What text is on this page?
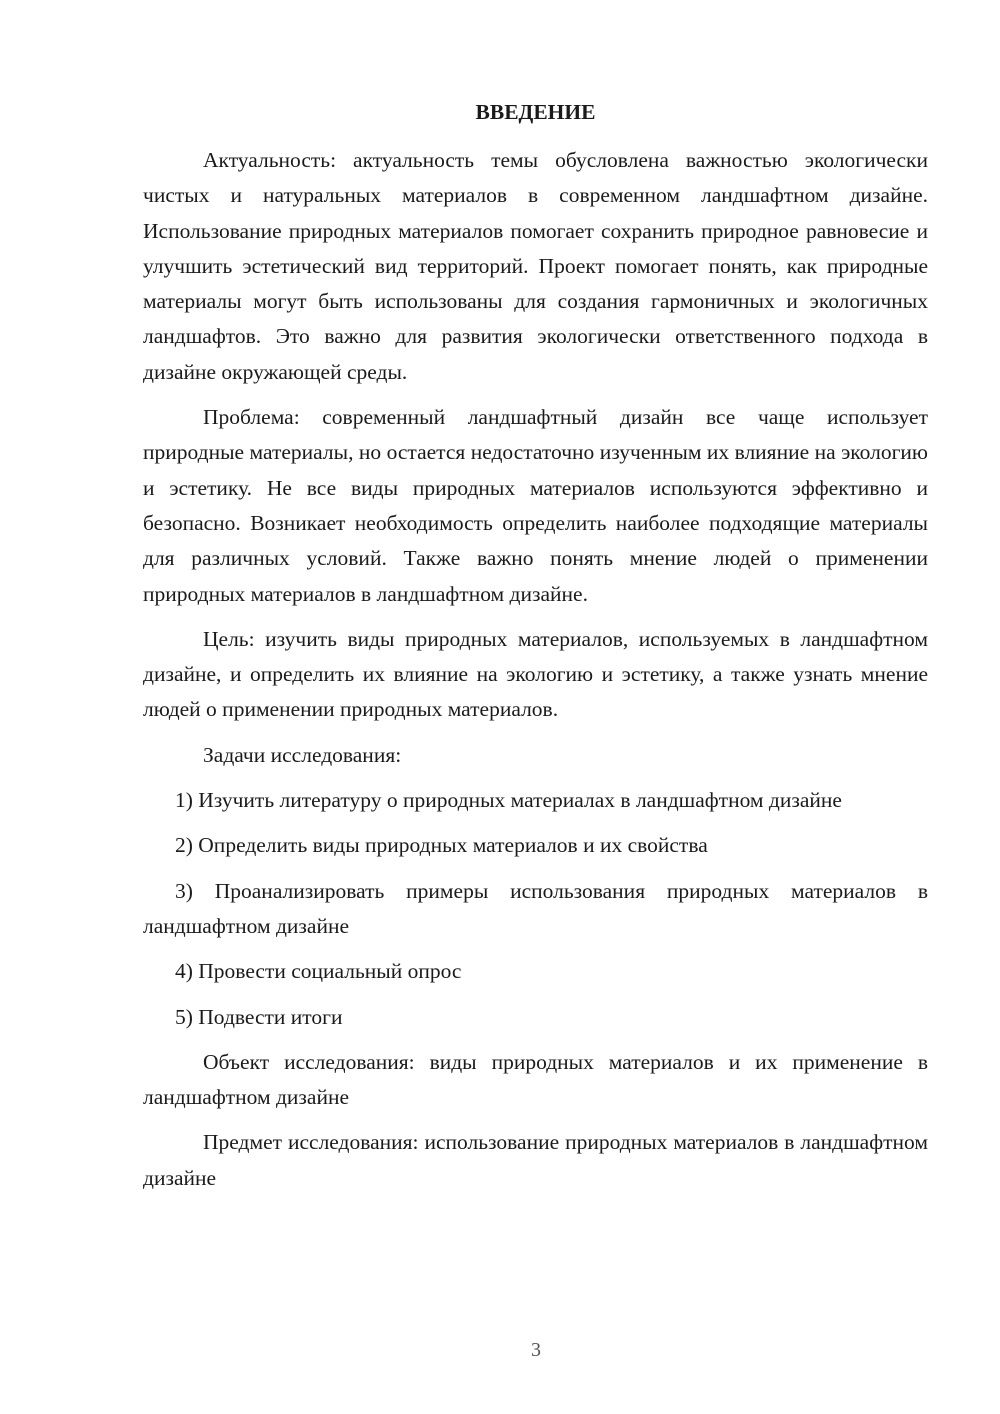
ВВЕДЕНИЕ

Актуальность: актуальность темы обусловлена важностью экологически чистых и натуральных материалов в современном ландшафтном дизайне. Использование природных материалов помогает сохранить природное равновесие и улучшить эстетический вид территорий. Проект помогает понять, как природные материалы могут быть использованы для создания гармоничных и экологичных ландшафтов. Это важно для развития экологически ответственного подхода в дизайне окружающей среды.

Проблема: современный ландшафтный дизайн все чаще использует природные материалы, но остается недостаточно изученным их влияние на экологию и эстетику. Не все виды природных материалов используются эффективно и безопасно. Возникает необходимость определить наиболее подходящие материалы для различных условий. Также важно понять мнение людей о применении природных материалов в ландшафтном дизайне.

Цель: изучить виды природных материалов, используемых в ландшафтном дизайне, и определить их влияние на экологию и эстетику, а также узнать мнение людей о применении природных материалов.

Задачи исследования:

1) Изучить литературу о природных материалах в ландшафтном дизайне

2) Определить виды природных материалов и их свойства

3) Проанализировать примеры использования природных материалов в ландшафтном дизайне

4) Провести социальный опрос

5) Подвести итоги

Объект исследования: виды природных материалов и их применение в ландшафтном дизайне

Предмет исследования: использование природных материалов в ландшафтном дизайне

3
